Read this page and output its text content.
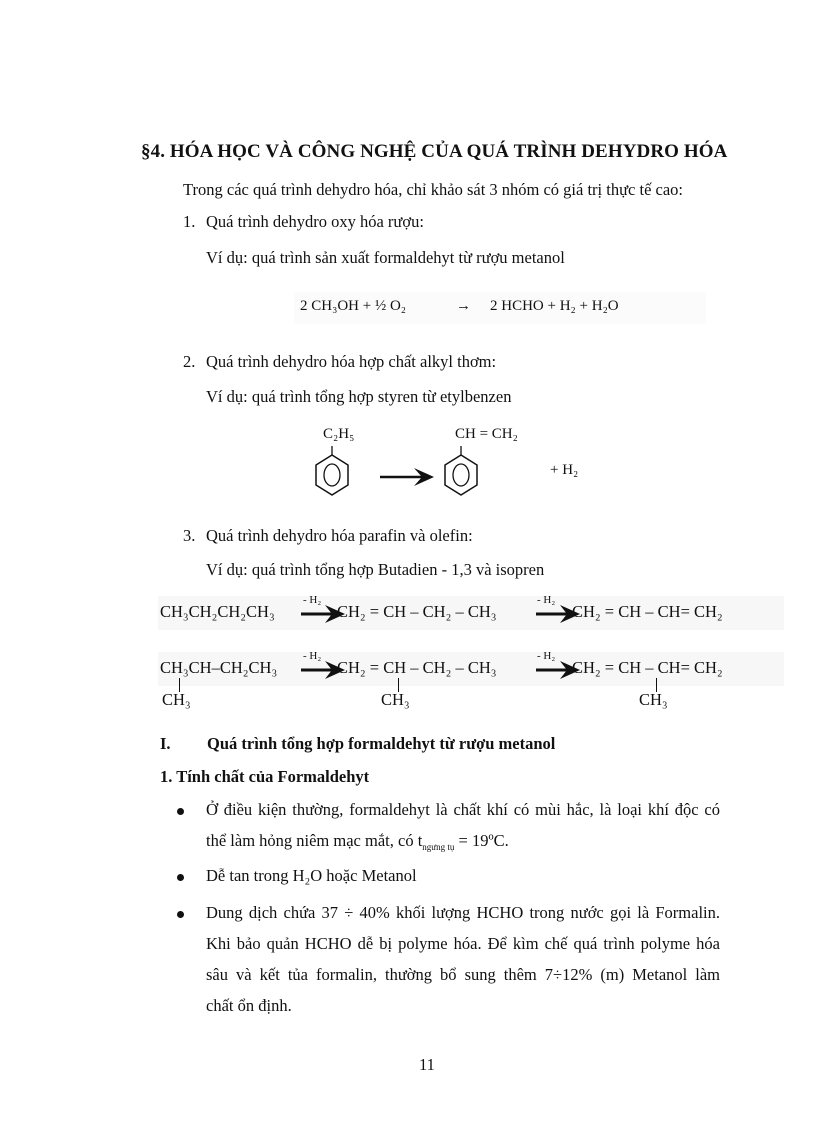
§4. HÓA HỌC VÀ CÔNG NGHỆ CỦA QUÁ TRÌNH DEHYDRO HÓA
Trong các quá trình dehydro hóa, chỉ khảo sát 3 nhóm có giá trị thực tế cao:
1. Quá trình dehydro oxy hóa rượu:
Ví dụ: quá trình sản xuất formaldehyt từ rượu metanol
2 CH₃OH + ½ O₂	→ 2 HCHO + H₂ + H₂O
2. Quá trình dehydro hóa hợp chất alkyl thơm:
Ví dụ: quá trình tổng hợp styren từ etylbenzen
C₂H₅	CH = CH₂
+ H₂
3. Quá trình dehydro hóa parafin và olefin:
Ví dụ: quá trình tổng hợp Butadien - 1,3 và isopren
CH₃CH₂CH₂CH₃
- H₂
CH₂ = CH – CH₂ – CH₃
- H₂
CH₂ = CH – CH= CH₂
CH₃CH–CH₂CH₃
- H₂
CH₂ = CH – CH₂ – CH₃
- H₂
CH₂ = CH – CH= CH₂
CH₃	CH₃	CH₃
I. Quá trình tổng hợp formaldehyt từ rượu metanol
1. Tính chất của Formaldehyt
Ở điều kiện thường, formaldehyt là chất khí có mùi hắc, là loại khí độc có
thể làm hỏng niêm mạc mắt, có $t_{ngưng tụ}$ = 19ºC.
Dễ tan trong H₂O hoặc Metanol
Dung dịch chứa 37 ÷ 40% khối lượng HCHO trong nước gọi là Formalin.
Khi bảo quản HCHO dễ bị polyme hóa. Để kìm chế quá trình polyme hóa
sâu và kết tủa formalin, thường bổ sung thêm 7÷12% (m) Metanol làm
chất ổn định.
11
